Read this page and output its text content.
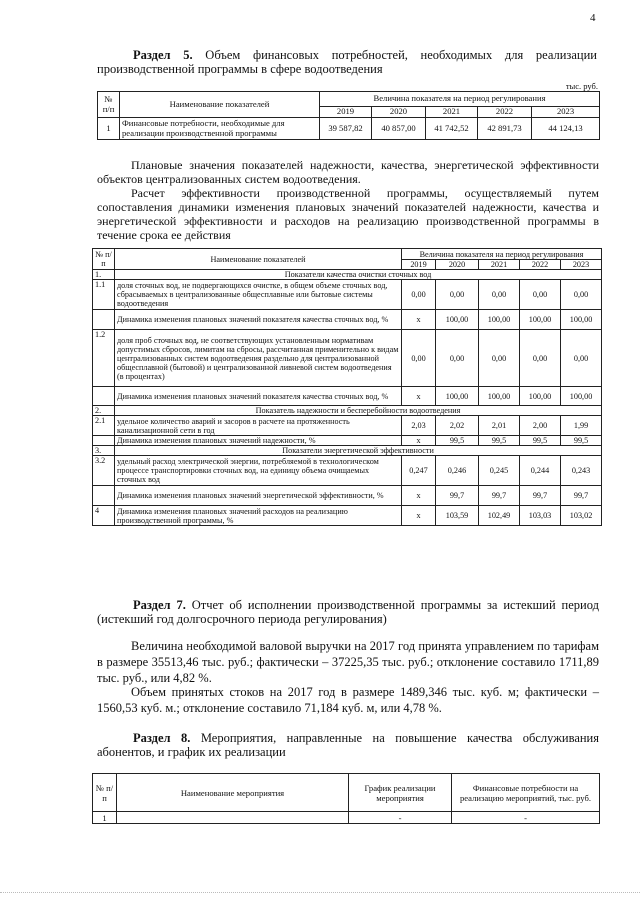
4
Раздел 5. Объем финансовых потребностей, необходимых для реализации
производственной программы в сфере водоотведения
тыс. руб.
№ п/п	Наименование показателей	Величина показателя на период регулирования				
		2019	2020	2021	2022	2023
1	Финансовые потребности, необходимые для реализации производственной программы	39 587,82	40 857,00	41 742,52	42 891,73	44 124,13
Плановые значения показателей надежности, качества, энергетической эффективности объектов централизованных систем водоотведения.
Расчет эффективности производственной программы, осуществляемый путем сопоставления динамики изменения плановых значений показателей надежности, качества и энергетической эффективности и расходов на реализацию производственной программы в течение срока ее действия
№ п/п	Наименование показателей	Величина показателя на период регулирования				
		2019	2020	2021	2022	2023
1.	Показатели качества очистки сточных вод					
1.1	доля сточных вод, не подвергающихся очистке, в общем объеме сточных вод, сбрасываемых в централизованные общесплавные или бытовые системы водоотведения	0,00	0,00	0,00	0,00	0,00
	Динамика изменения плановых значений показателя качества сточных вод, %	x	100,00	100,00	100,00	100,00
1.2	доля проб сточных вод, не соответствующих установленным нормативам допустимых сбросов, лимитам на сбросы, рассчитанная применительно к видам централизованных систем водоотведения раздельно для централизованной общесплавной (бытовой) и централизованной ливневой систем водоотведения (в процентах)	0,00	0,00	0,00	0,00	0,00
	Динамика изменения плановых значений показателя качества сточных вод, %	x	100,00	100,00	100,00	100,00
2.	Показатель надежности и бесперебойности водоотведения					
2.1	удельное количество аварий и засоров в расчете на протяженность канализационной сети в год	2,03	2,02	2,01	2,00	1,99
	Динамика изменения плановых значений надежности, %	x	99,5	99,5	99,5	99,5
3.	Показатели энергетической эффективности					
3.2	удельный расход электрической энергии, потребляемой в технологическом процессе транспортировки сточных вод, на единицу объема очищаемых сточных вод	0,247	0,246	0,245	0,244	0,243
	Динамика изменения плановых значений энергетической эффективности, %	x	99,7	99,7	99,7	99,7
4	Динамика изменения плановых значений расходов на реализацию производственной программы, %	x	103,59	102,49	103,03	103,02
Раздел 7. Отчет об исполнении производственной программы за истекший период (истекший год долгосрочного периода регулирования)
Величина необходимой валовой выручки на 2017 год принята управлением по тарифам в размере 35513,46 тыс. руб.; фактически – 37225,35 тыс. руб.; отклонение составило 1711,89 тыс. руб., или 4,82 %.
Объем принятых стоков на 2017 год в размере 1489,346 тыс. куб. м; фактически – 1560,53 куб. м.; отклонение составило 71,184 куб. м, или 4,78 %.
Раздел 8. Мероприятия, направленные на повышение качества обслуживания абонентов, и график их реализации
№ п/п	Наименование мероприятия	График реализации мероприятия	Финансовые потребности на реализацию мероприятий, тыс. руб.
1		-	-
